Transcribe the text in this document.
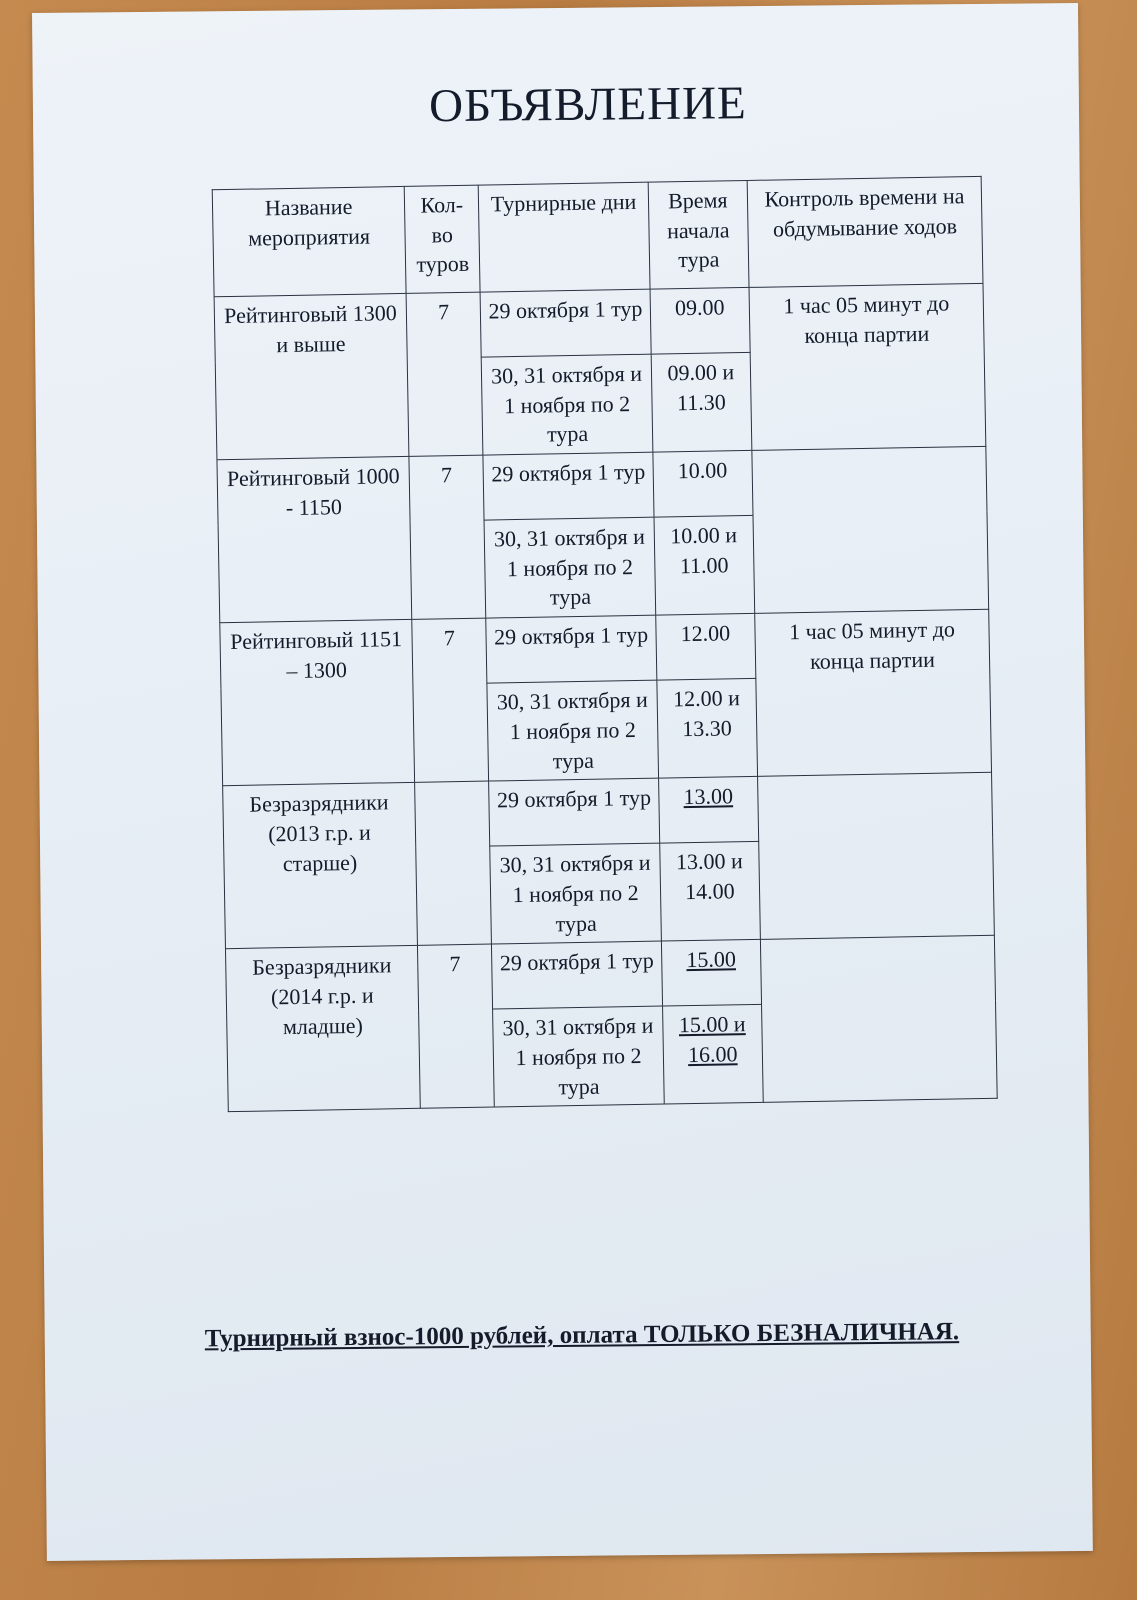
ОБЪЯВЛЕНИЕ
Название мероприятия	Кол-во туров	Турнирные дни	Время начала тура	Контроль времени на обдумывание ходов
Рейтинговый 1300 и выше	7	29 октября 1 тур	09.00	1 час 05 минут до конца партии
		30, 31 октября и 1 ноября по 2 тура	09.00 и 11.30	
Рейтинговый 1000 - 1150	7	29 октября 1 тур	10.00	
		30, 31 октября и 1 ноября по 2 тура	10.00 и 11.00	
Рейтинговый 1151 – 1300	7	29 октября 1 тур	12.00	1 час 05 минут до конца партии
		30, 31 октября и 1 ноября по 2 тура	12.00 и 13.30	
Безразрядники (2013 г.р. и старше)		29 октября 1 тур	13.00	
		30, 31 октября и 1 ноября по 2 тура	13.00 и 14.00	
Безразрядники (2014 г.р. и младше)	7	29 октября 1 тур	15.00	
		30, 31 октября и 1 ноября по 2 тура	15.00 и 16.00	
Турнирный взнос-1000 рублей, оплата ТОЛЬКО БЕЗНАЛИЧНАЯ.
